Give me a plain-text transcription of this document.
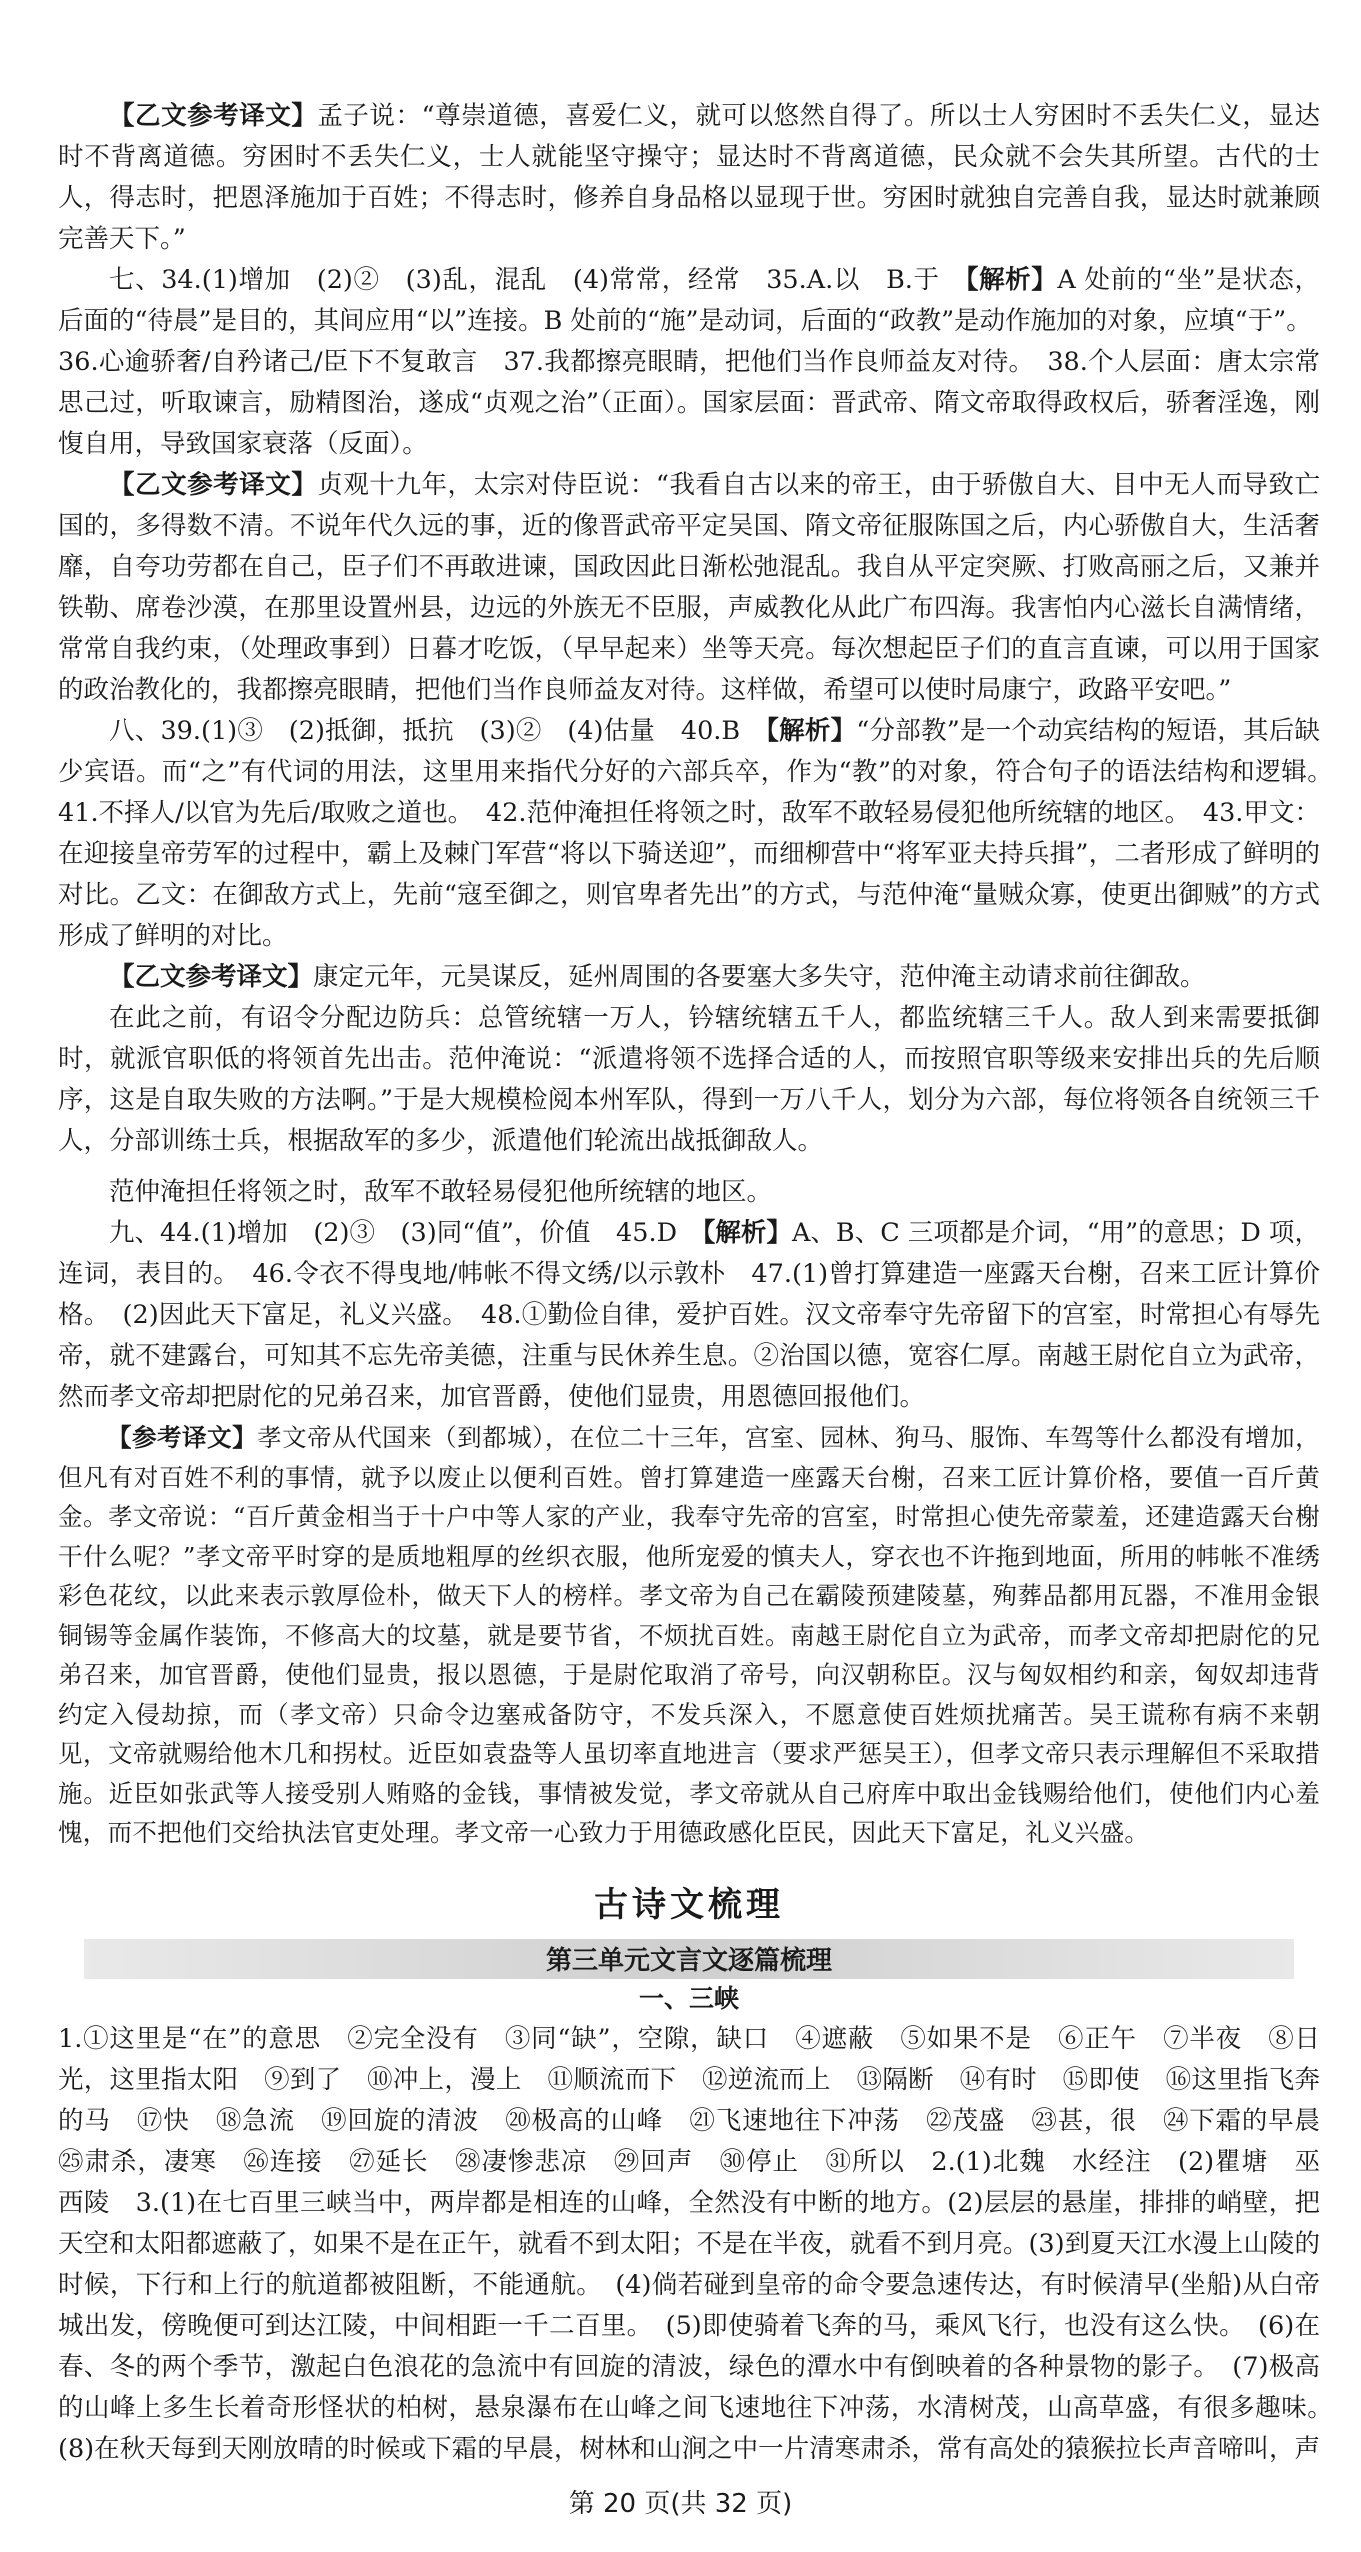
【 乙文参考译文 】 孟子说：“尊崇道德，喜爱仁义，就可以悠然自得了。所以士人穷困时不丢失仁义，显达时不背离道德。穷困时不丢失仁义，士人就能坚守操守；显达时不背离道德，民众就不会失其所望。古代的士人，得志时，把恩泽施加于百姓；不得志时，修养自身品格以显现于世。穷困时就独自完善自我，显达时就兼顾完善天下。”
七、34.(1)增加　(2)②　(3)乱，混乱　(4)常常，经常　35.A.以　B.于　【 解析 】 A 处前的“坐”是状态，后面的“待晨”是目的，其间应用“以”连接。B 处前的“施”是动词，后面的“政教”是动作施加的对象，应填“于”。
36.心逾骄奢/自矜诸己/臣下不复敢言　37.我都擦亮眼睛，把他们当作良师益友对待。　38.个人层面：唐太宗常思己过，听取谏言，励精图治，遂成“贞观之治”（正面）。国家层面：晋武帝、隋文帝取得政权后，骄奢淫逸，刚愎自用，导致国家衰落（反面）。
【 乙文参考译文 】 贞观十九年，太宗对侍臣说：“我看自古以来的帝王，由于骄傲自大、目中无人而导致亡国的，多得数不清。不说年代久远的事，近的像晋武帝平定吴国、隋文帝征服陈国之后，内心骄傲自大，生活奢靡，自夸功劳都在自己，臣子们不再敢进谏，国政因此日渐松弛混乱。我自从平定突厥、打败高丽之后，又兼并铁勒、席卷沙漠，在那里设置州县，边远的外族无不臣服，声威教化从此广布四海。我害怕内心滋长自满情绪，常常自我约束，（处理政事到）日暮才吃饭，（早早起来）坐等天亮。每次想起臣子们的直言直谏，可以用于国家的政治教化的，我都擦亮眼睛，把他们当作良师益友对待。这样做，希望可以使时局康宁，政路平安吧。”
八、39.(1)③　(2)抵御，抵抗　(3)②　(4)估量　40.B　【 解析 】 “分部教”是一个动宾结构的短语，其后缺少宾语。而“之”有代词的用法，这里用来指代分好的六部兵卒，作为“教”的对象，符合句子的语法结构和逻辑。　41.不择人/以官为先后/取败之道也。　42.范仲淹担任将领之时，敌军不敢轻易侵犯他所统辖的地区。　43.甲文：在迎接皇帝劳军的过程中，霸上及棘门军营“将以下骑送迎”，而细柳营中“将军亚夫持兵揖”，二者形成了鲜明的对比。乙文：在御敌方式上，先前“寇至御之，则官卑者先出”的方式，与范仲淹“量贼众寡，使更出御贼”的方式形成了鲜明的对比。
【 乙文参考译文 】 康定元年，元昊谋反，延州周围的各要塞大多失守，范仲淹主动请求前往御敌。
在此之前，有诏令分配边防兵：总管统辖一万人，钤辖统辖五千人，都监统辖三千人。敌人到来需要抵御时，就派官职低的将领首先出击。范仲淹说：“派遣将领不选择合适的人，而按照官职等级来安排出兵的先后顺序，这是自取失败的方法啊。”于是大规模检阅本州军队，得到一万八千人，划分为六部，每位将领各自统领三千人，分部训练士兵，根据敌军的多少，派遣他们轮流出战抵御敌人。
范仲淹担任将领之时，敌军不敢轻易侵犯他所统辖的地区。
九、44.(1)增加　(2)③　(3)同“值”，价值　45.D　【 解析 】 A、B、C 三项都是介词，“用”的意思；D 项，连词，表目的。　46.令衣不得曳地/帏帐不得文绣/以示敦朴　47.(1)曾打算建造一座露天台榭，召来工匠计算价格。　(2)因此天下富足，礼义兴盛。　48.①勤俭自律，爱护百姓。汉文帝奉守先帝留下的宫室，时常担心有辱先帝，就不建露台，可知其不忘先帝美德，注重与民休养生息。②治国以德，宽容仁厚。南越王尉佗自立为武帝，然而孝文帝却把尉佗的兄弟召来，加官晋爵，使他们显贵，用恩德回报他们。
【 参考译文 】 孝文帝从代国来（到都城），在位二十三年，宫室、园林、狗马、服饰、车驾等什么都没有增加，但凡有对百姓不利的事情，就予以废止以便利百姓。曾打算建造一座露天台榭，召来工匠计算价格，要值一百斤黄金。孝文帝说：“百斤黄金相当于十户中等人家的产业，我奉守先帝的宫室，时常担心使先帝蒙羞，还建造露天台榭干什么呢？”孝文帝平时穿的是质地粗厚的丝织衣服，他所宠爱的慎夫人，穿衣也不许拖到地面，所用的帏帐不准绣彩色花纹，以此来表示敦厚俭朴，做天下人的榜样。孝文帝为自己在霸陵预建陵墓，殉葬品都用瓦器，不准用金银铜锡等金属作装饰，不修高大的坟墓，就是要节省，不烦扰百姓。南越王尉佗自立为武帝，而孝文帝却把尉佗的兄弟召来，加官晋爵，使他们显贵，报以恩德，于是尉佗取消了帝号，向汉朝称臣。汉与匈奴相约和亲，匈奴却违背约定入侵劫掠，而（孝文帝）只命令边塞戒备防守，不发兵深入，不愿意使百姓烦扰痛苦。吴王谎称有病不来朝见，文帝就赐给他木几和拐杖。近臣如袁盎等人虽切率直地进言（要求严惩吴王），但孝文帝只表示理解但不采取措施。近臣如张武等人接受别人贿赂的金钱，事情被发觉，孝文帝就从自己府库中取出金钱赐给他们，使他们内心羞愧，而不把他们交给执法官吏处理。孝文帝一心致力于用德政感化臣民，因此天下富足，礼义兴盛。
古诗文梳理
第三单元文言文逐篇梳理
一、三峡
1.①这里是“在”的意思　②完全没有　③同“缺”，空隙，缺口　④遮蔽　⑤如果不是　⑥正午　⑦半夜　⑧日光，这里指太阳　⑨到了　⑩冲上，漫上　⑪顺流而下　⑫逆流而上　⑬隔断　⑭有时　⑮即使　⑯这里指飞奔的马　⑰快　⑱急流　⑲回旋的清波　⑳极高的山峰　㉑飞速地往下冲荡　㉒茂盛　㉓甚，很　㉔下霜的早晨　㉕肃杀，凄寒　㉖连接　㉗延长　㉘凄惨悲凉　㉙回声　㉚停止　㉛所以　2.(1)北魏　水经注　(2)瞿塘　巫　西陵　3.(1)在七百里三峡当中，两岸都是相连的山峰，全然没有中断的地方。(2)层层的悬崖，排排的峭壁，把天空和太阳都遮蔽了，如果不是在正午，就看不到太阳；不是在半夜，就看不到月亮。(3)到夏天江水漫上山陵的时候，下行和上行的航道都被阻断，不能通航。　(4)倘若碰到皇帝的命令要急速传达，有时候清早(坐船)从白帝城出发，傍晚便可到达江陵，中间相距一千二百里。　(5)即使骑着飞奔的马，乘风飞行，也没有这么快。　(6)在春、冬的两个季节，激起白色浪花的急流中有回旋的清波，绿色的潭水中有倒映着的各种景物的影子。　(7)极高的山峰上多生长着奇形怪状的柏树，悬泉瀑布在山峰之间飞速地往下冲荡，水清树茂，山高草盛，有很多趣味。　(8)在秋天每到天刚放晴的时候或下霜的早晨，树林和山涧之中一片清寒肃杀，常有高处的猿猴拉长声音啼叫，声　　
第 20 页(共 32 页)
